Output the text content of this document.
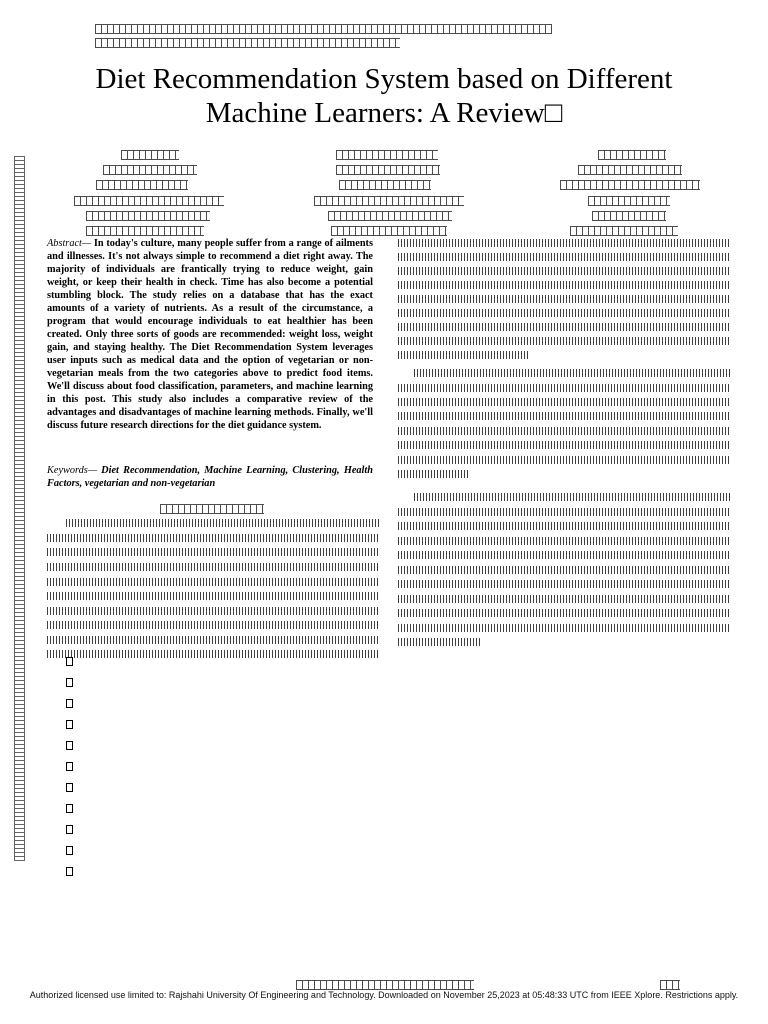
Diet Recommendation System based on Different
Machine Learners: A Review□
Abstract— In today's culture, many people suffer from a range of ailments and illnesses. It's not always simple to recommend a diet right away. The majority of individuals are frantically trying to reduce weight, gain weight, or keep their health in check. Time has also become a potential stumbling block. The study relies on a database that has the exact amounts of a variety of nutrients. As a result of the circumstance, a program that would encourage individuals to eat healthier has been created. Only three sorts of goods are recommended: weight loss, weight gain, and staying healthy. The Diet Recommendation System leverages user inputs such as medical data and the option of vegetarian or non-vegetarian meals from the two categories above to predict food items. We'll discuss about food classification, parameters, and machine learning in this post. This study also includes a comparative review of the advantages and disadvantages of machine learning methods. Finally, we'll discuss future research directions for the diet guidance system.
Keywords— Diet Recommendation, Machine Learning, Clustering, Health Factors, vegetarian and non-vegetarian
Authorized licensed use limited to: Rajshahi University Of Engineering and Technology. Downloaded on November 25,2023 at 05:48:33 UTC from IEEE Xplore. Restrictions apply.
